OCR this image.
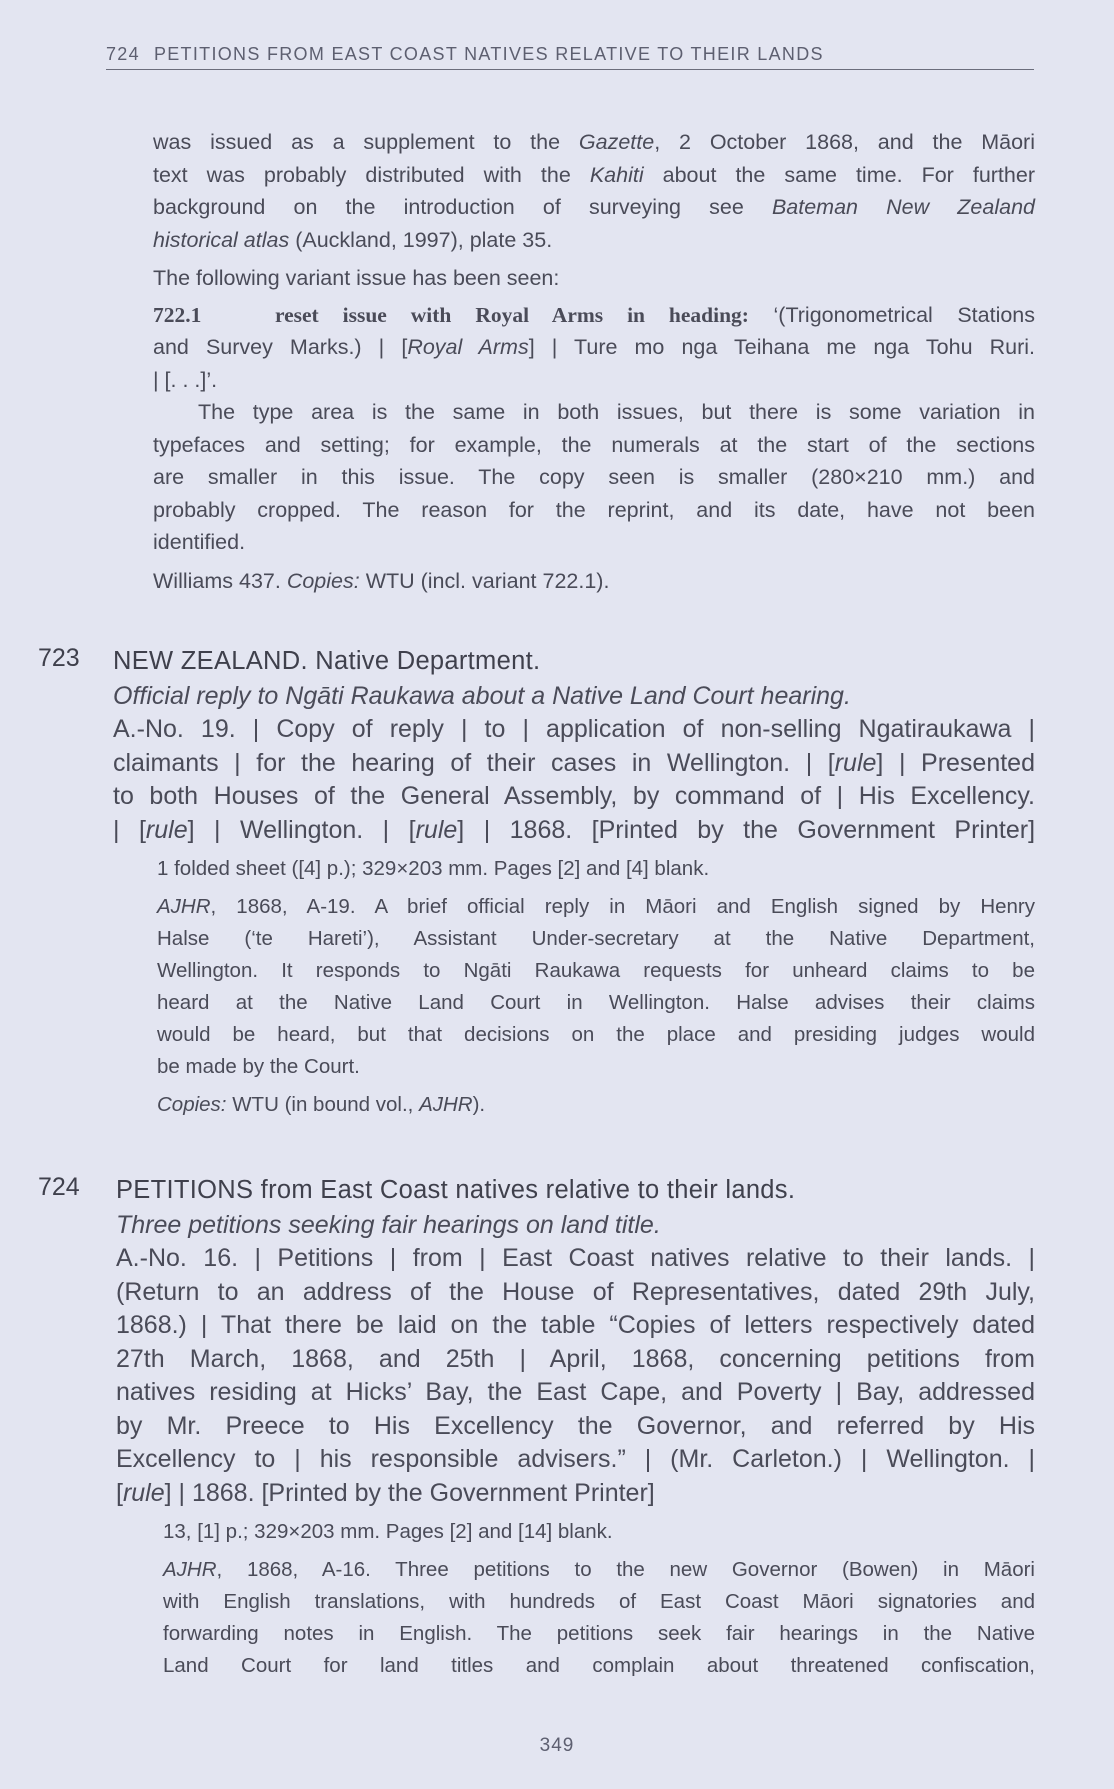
724 PETITIONS FROM EAST COAST NATIVES RELATIVE TO THEIR LANDS

was issued as a supplement to the Gazette, 2 October 1868, and the Māori

text was probably distributed with the Kahiti about the same time. For further

background on the introduction of surveying see Bateman New Zealand

historical atlas (Auckland, 1997), plate 35.

The following variant issue has been seen:

722.1	reset issue with Royal Arms in heading: ‘(Trigonometrical Stations

and Survey Marks.) | [Royal Arms] | Ture mo nga Teihana me nga Tohu Ruri.

| [. . .]’.

The type area is the same in both issues, but there is some variation in

typefaces and setting; for example, the numerals at the start of the sections

are smaller in this issue. The copy seen is smaller (280×210 mm.) and

probably cropped. The reason for the reprint, and its date, have not been

identified.

Williams 437. Copies: WTU (incl. variant 722.1).

723 NEW ZEALAND. Native Department.

Official reply to Ngāti Raukawa about a Native Land Court hearing.

A.-No. 19. | Copy of reply | to | application of non-selling Ngatiraukawa |

claimants | for the hearing of their cases in Wellington. | [rule] | Presented

to both Houses of the General Assembly, by command of | His Excellency.

| [rule] | Wellington. | [rule] | 1868. [Printed by the Government Printer]

1 folded sheet ([4] p.); 329×203 mm. Pages [2] and [4] blank.

AJHR, 1868, A-19. A brief official reply in Māori and English signed by Henry

Halse (‘te Hareti’), Assistant Under-secretary at the Native Department,

Wellington. It responds to Ngāti Raukawa requests for unheard claims to be

heard at the Native Land Court in Wellington. Halse advises their claims

would be heard, but that decisions on the place and presiding judges would

be made by the Court.

Copies: WTU (in bound vol., AJHR).

724 PETITIONS from East Coast natives relative to their lands.

Three petitions seeking fair hearings on land title.

A.-No. 16. | Petitions | from | East Coast natives relative to their lands. |

(Return to an address of the House of Representatives, dated 29th July,

1868.) | That there be laid on the table “Copies of letters respectively dated

27th March, 1868, and 25th | April, 1868, concerning petitions from

natives residing at Hicks’ Bay, the East Cape, and Poverty | Bay, addressed

by Mr. Preece to His Excellency the Governor, and referred by His

Excellency to | his responsible advisers.” | (Mr. Carleton.) | Wellington. |

[rule] | 1868. [Printed by the Government Printer]

13, [1] p.; 329×203 mm. Pages [2] and [14] blank.

AJHR, 1868, A-16. Three petitions to the new Governor (Bowen) in Māori

with English translations, with hundreds of East Coast Māori signatories and

forwarding notes in English. The petitions seek fair hearings in the Native

Land Court for land titles and complain about threatened confiscation,

349
